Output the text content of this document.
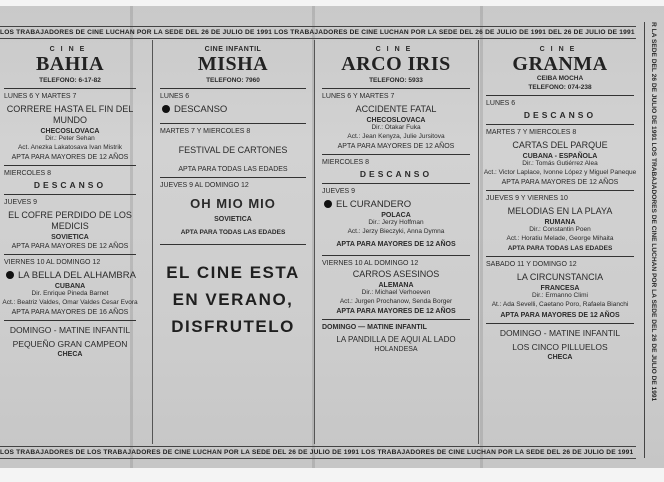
LOS TRABAJADORES DE CINE LUCHAN POR LA SEDE DEL 26 DE JULIO DE 1991 LOS TRABAJADORES DE CINE LUCHAN POR LA SEDE DEL 26 DE JULIO DE 1991 DEL 26 DE JULIO DE 1991
LOS TRABAJADORES DE LOS TRABAJADORES DE CINE LUCHAN POR LA SEDE DEL 26 DE JULIO DE 1991 LOS TRABAJADORES DE CINE LUCHAN POR LA SEDE DEL 26 DE JULIO DE 1991
R LA SEDE DEL 26 DE JULIO DE 1991 LOS TRABAJADORES DE CINE LUCHAN POR LA SEDE DEL 26 DE JULIO DE 1991
CINE
BAHIA
TELEFONO: 6-17-82
LUNES 6 Y MARTES 7
CORRERE HASTA EL FIN DEL MUNDO
CHECOSLOVACA
Dir.: Peter Sehan
Act. Anezka Lakatosava Ivan Mistrik
APTA PARA MAYORES DE 12 AÑOS
MIERCOLES 8
DESCANSO
JUEVES 9
EL COFRE PERDIDO DE LOS MEDICIS
SOVIETICA
APTA PARA MAYORES DE 12 AÑOS
VIERNES 10 AL DOMINGO 12
LA BELLA DEL ALHAMBRA
CUBANA
Dir. Enrique Pineda Barnet
Act.: Beatriz Valdes, Omar Valdes Cesar Evora
APTA PARA MAYORES DE 16 AÑOS
DOMINGO - MATINE INFANTIL
PEQUEÑO GRAN CAMPEON
CHECA
CINE INFANTIL
MISHA
TELEFONO: 7960
LUNES 6
DESCANSO
MARTES 7 Y MIERCOLES 8
FESTIVAL DE CARTONES
APTA PARA TODAS LAS EDADES
JUEVES 9 AL DOMINGO 12
OH MIO MIO
SOVIETICA
APTA PARA TODAS LAS EDADES
EL CINE ESTA
EN VERANO,
DISFRUTELO
CINE
ARCO IRIS
TELEFONO: 5933
LUNES 6 Y MARTES 7
ACCIDENTE FATAL
CHECOSLOVACA
Dir.: Otakar Fuka
Act.: Jean Kenyza, Julie Jursitova
APTA PARA MAYORES DE 12 AÑOS
MIERCOLES 8
DESCANSO
JUEVES 9
EL CURANDERO
POLACA
Dir.: Jerzy Hoffman
Act.: Jerzy Bieczyki, Anna Dymna
APTA PARA MAYORES DE 12 AÑOS
VIERNES 10 AL DOMINGO 12
CARROS ASESINOS
ALEMANA
Dir.: Michael Verhoeven
Act.: Jurgen Prochanow, Senda Borger
APTA PARA MAYORES DE 12 AÑOS
DOMINGO — MATINE INFANTIL
LA PANDILLA DE AQUI AL LADO
HOLANDESA
CINE
GRANMA
CEIBA MOCHA
TELEFONO: 074-238
LUNES 6
DESCANSO
MARTES 7 Y MIERCOLES 8
CARTAS DEL PARQUE
CUBANA - ESPAÑOLA
Dir.: Tomás Gutiérrez Alea
Act.: Victor Laplace, Ivonne López y Miguel Paneque
APTA PARA MAYORES DE 12 AÑOS
JUEVES 9 Y VIERNES 10
MELODIAS EN LA PLAYA
RUMANA
Dir.: Constantin Poen
Act.: Horatiu Melade, George Mihaita
APTA PARA TODAS LAS EDADES
SABADO 11 Y DOMINGO 12
LA CIRCUNSTANCIA
FRANCESA
Dir.: Ermanno Climi
At.: Ada Sevelli, Caetano Poro, Rafaela Bianchi
APTA PARA MAYORES DE 12 AÑOS
DOMINGO - MATINE INFANTIL
LOS CINCO PILLUELOS
CHECA
